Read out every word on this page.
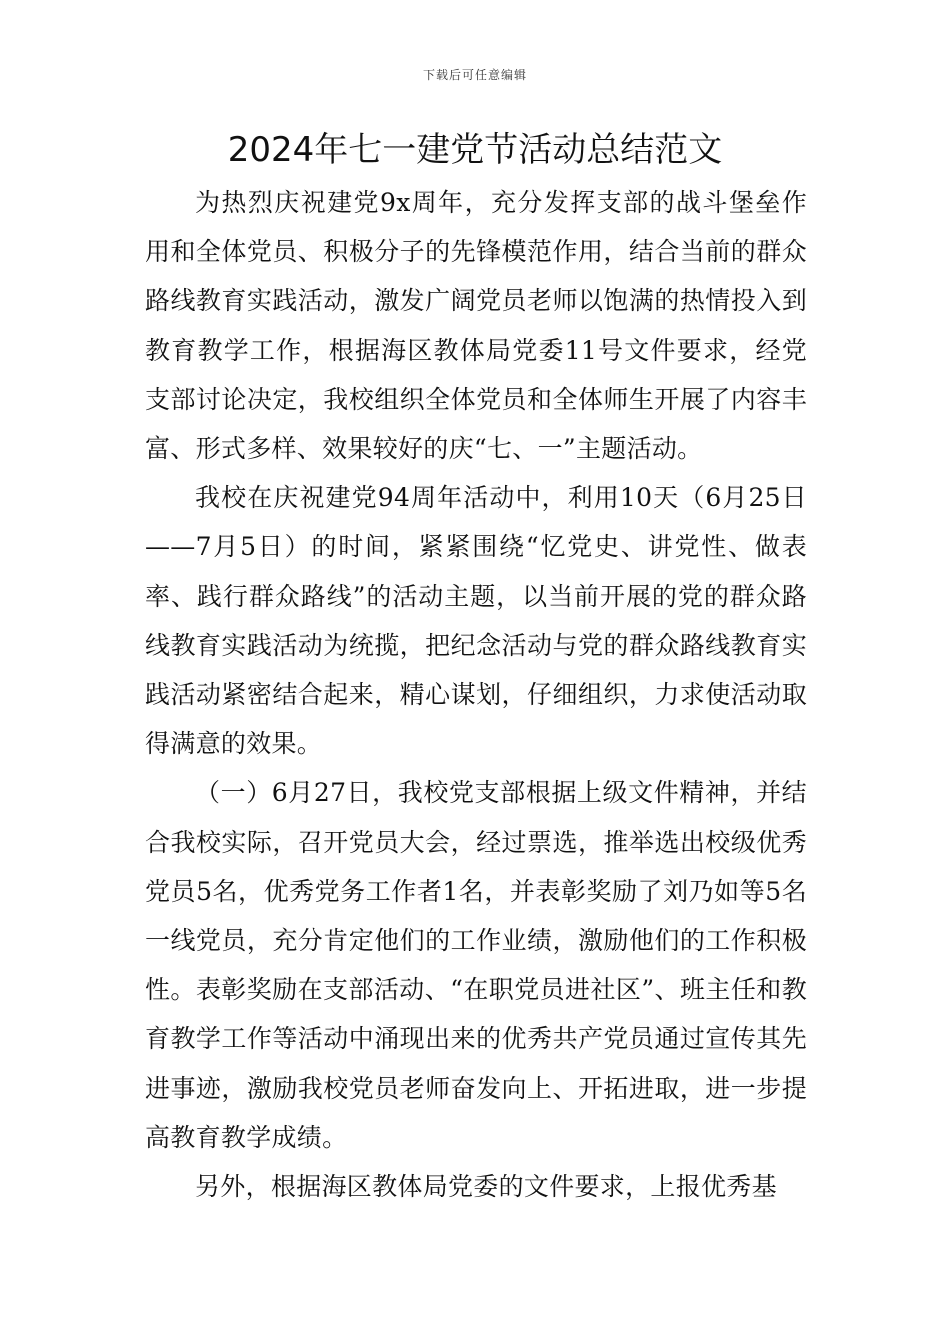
下载后可任意编辑
2024年七一建党节活动总结范文

为热烈庆祝建党9x周年，充分发挥支部的战斗堡垒作用和全体党员、积极分子的先锋模范作用，结合当前的群众路线教育实践活动，激发广阔党员老师以饱满的热情投入到教育教学工作，根据海区教体局党委11号文件要求，经党支部讨论决定，我校组织全体党员和全体师生开展了内容丰富、形式多样、效果较好的庆“七、一”主题活动。

我校在庆祝建党94周年活动中，利用10天（6月25日——7月5日）的时间，紧紧围绕“忆党史、讲党性、做表率、践行群众路线”的活动主题，以当前开展的党的群众路线教育实践活动为统揽，把纪念活动与党的群众路线教育实践活动紧密结合起来，精心谋划，仔细组织，力求使活动取得满意的效果。

（一）6月27日，我校党支部根据上级文件精神，并结合我校实际，召开党员大会，经过票选，推举选出校级优秀党员5名，优秀党务工作者1名，并表彰奖励了刘乃如等5名一线党员，充分肯定他们的工作业绩，激励他们的工作积极性。表彰奖励在支部活动、“在职党员进社区”、班主任和教育教学工作等活动中涌现出来的优秀共产党员通过宣传其先进事迹，激励我校党员老师奋发向上、开拓进取，进一步提高教育教学成绩。

另外，根据海区教体局党委的文件要求，上报优秀基
